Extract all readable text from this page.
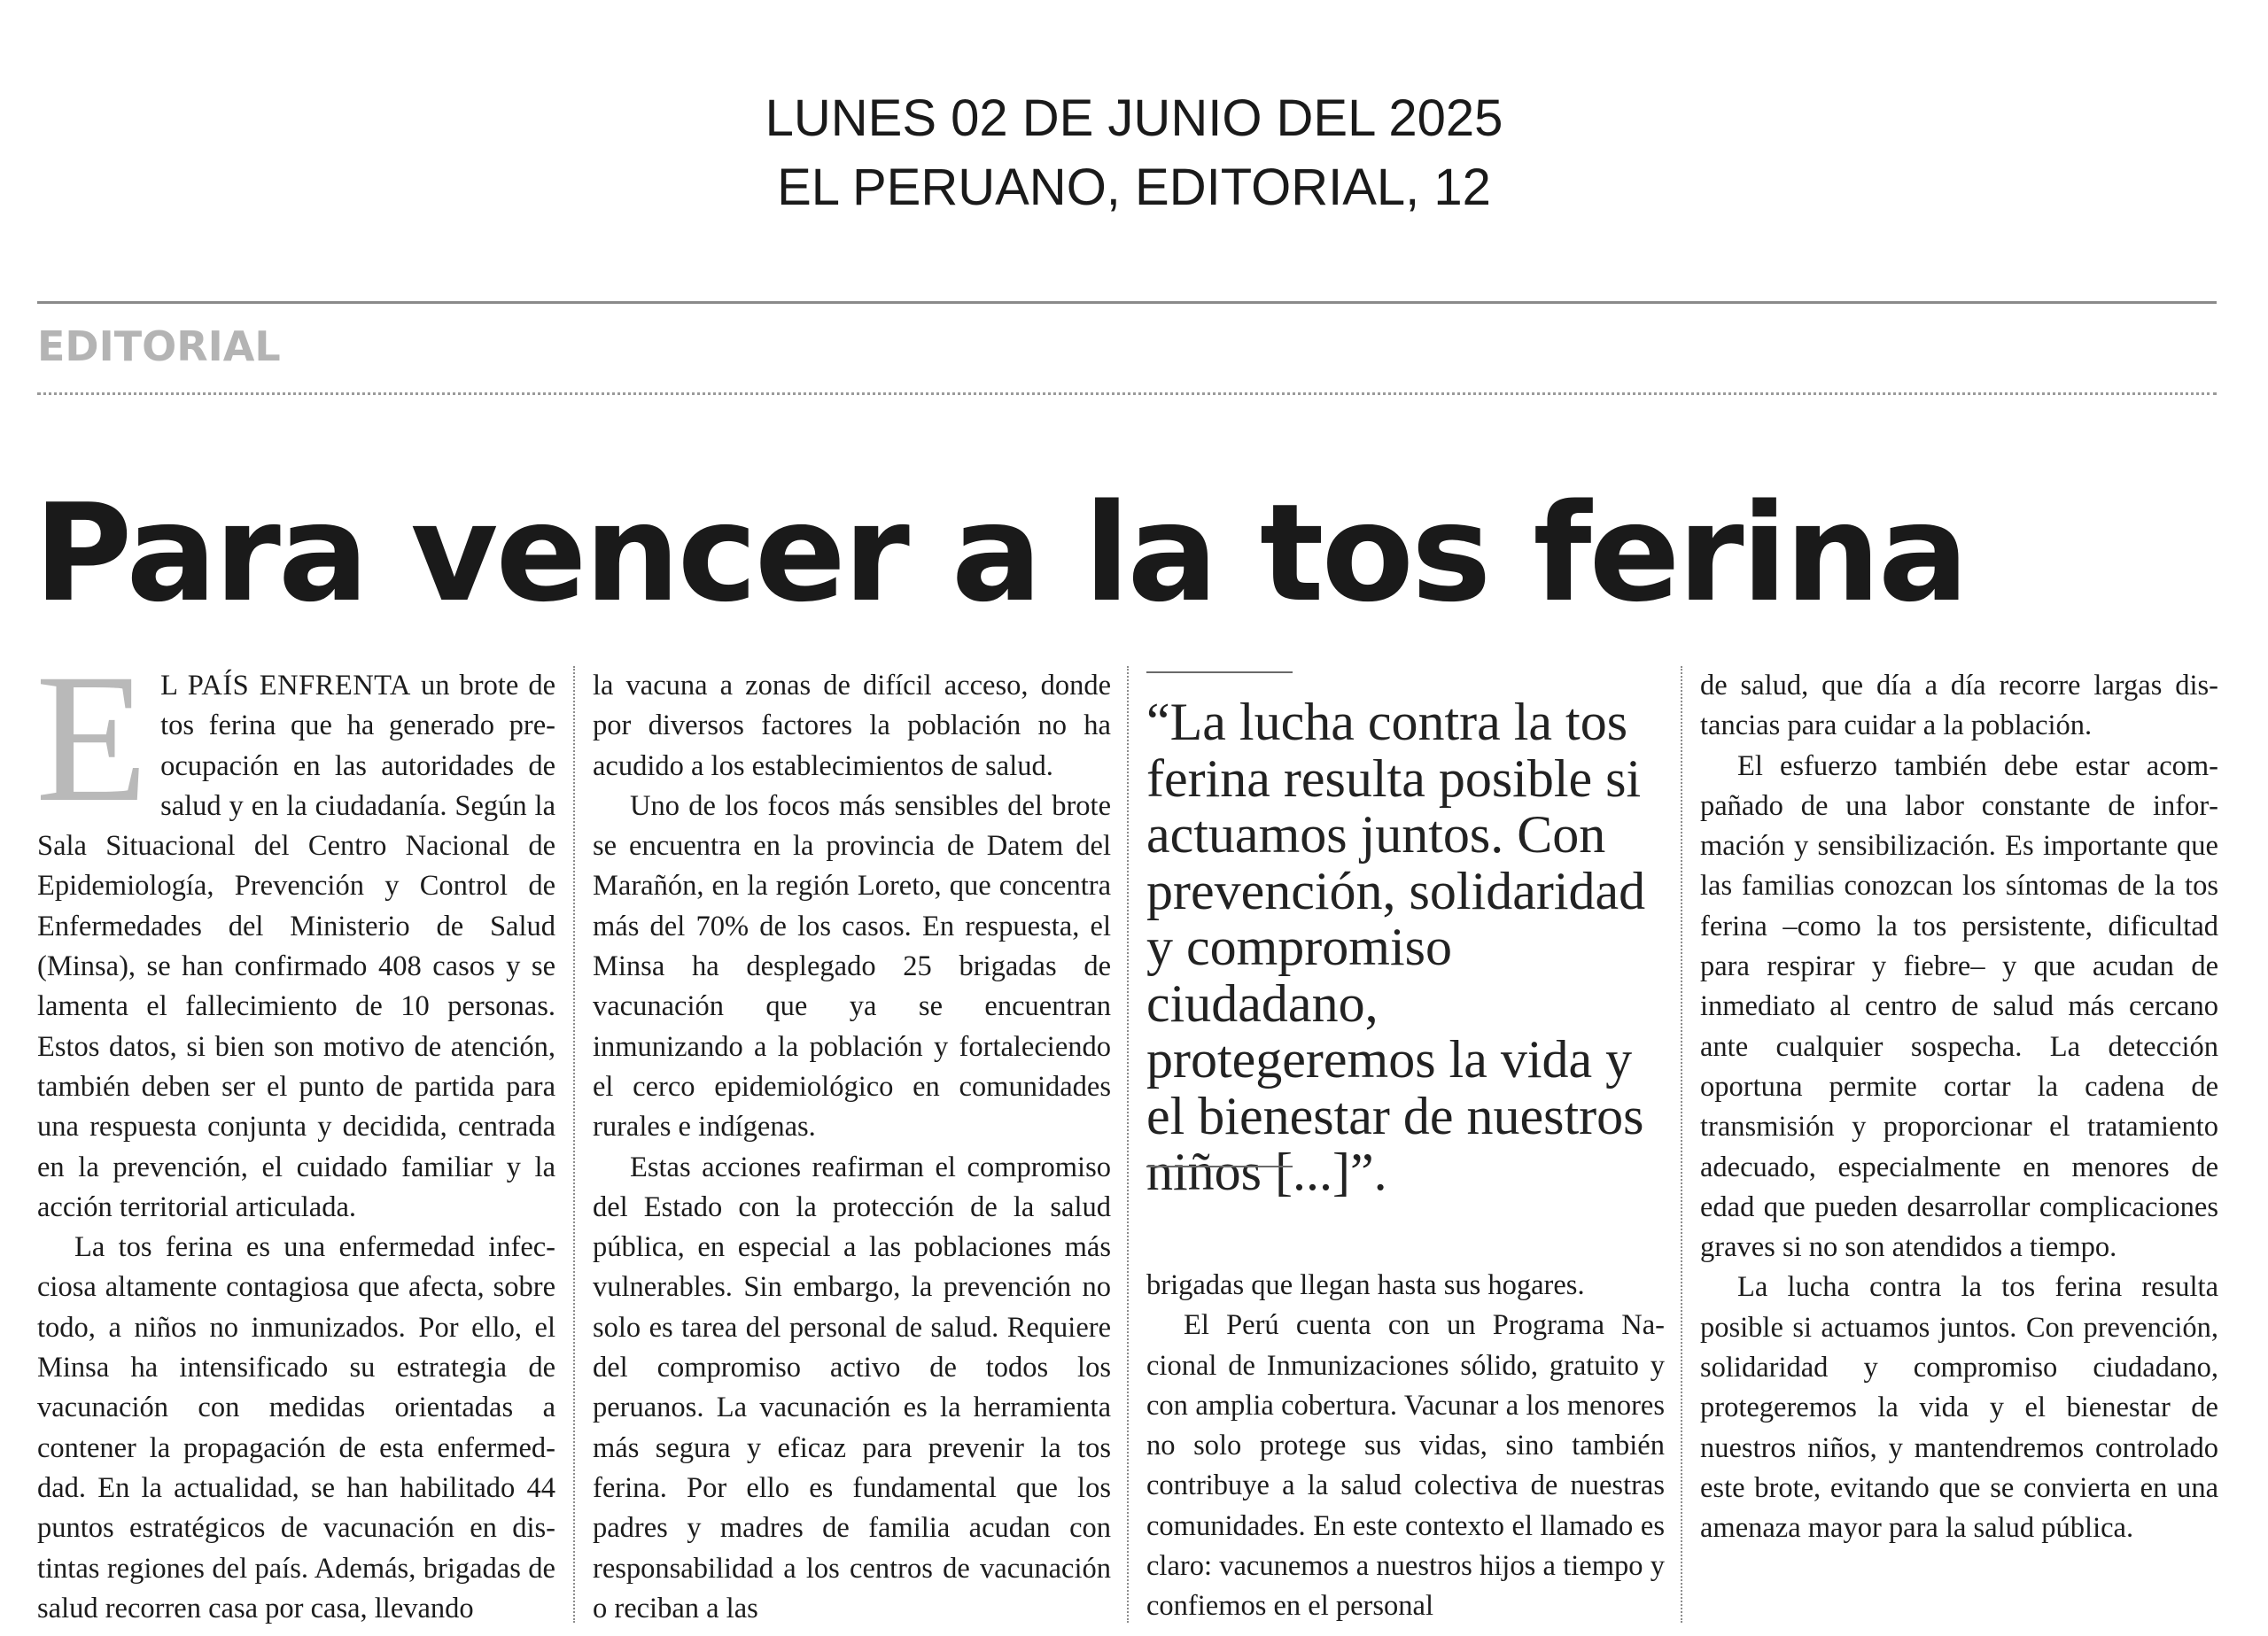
LUNES 02 DE JUNIO DEL 2025
EL PERUANO, EDITORIAL, 12
EDITORIAL
Para vencer a la tos ferina

E L PAÍS ENFRENTA un brote de tos ferina que ha generado preocupación en las autoridades de salud y en la ciudadanía. Según la Sala Situacional del Centro Nacional de Epidemiología, Prevención y Control de Enfermedades del Ministerio de Salud (Minsa), se han confirmado 408 casos y se lamenta el fallecimiento de 10 personas. Estos datos, si bien son motivo de atención, también deben ser el punto de partida para una respuesta conjunta y decidida, centrada en la prevención, el cuidado familiar y la acción territorial articulada.

La tos ferina es una enfermedad infecciosa altamente contagiosa que afecta, sobre todo, a niños no inmunizados. Por ello, el Minsa ha intensificado su estrategia de vacunación con medidas orientadas a contener la propagación de esta enfermeddad. En la actualidad, se han habilitado 44 puntos estratégicos de vacunación en distintas regiones del país. Además, brigadas de salud recorren casa por casa, llevando

la vacuna a zonas de difícil acceso, donde por diversos factores la población no ha acudido a los establecimientos de salud.

Uno de los focos más sensibles del brote se encuentra en la provincia de Datem del Marañón, en la región Loreto, que concentra más del 70% de los casos. En respuesta, el Minsa ha desplegado 25 brigadas de vacunación que ya se encuentran inmunizando a la población y fortaleciendo el cerco epidemiológico en comunidades rurales e indígenas.

Estas acciones reafirman el compromiso del Estado con la protección de la salud pública, en especial a las poblaciones más vulnerables. Sin embargo, la prevención no solo es tarea del personal de salud. Requiere del compromiso activo de todos los peruanos. La vacunación es la herramienta más segura y eficaz para prevenir la tos ferina. Por ello es fundamental que los padres y madres de familia acudan con responsabilidad a los centros de vacunación o reciban a las

“La lucha contra la tos ferina resulta posible si actuamos juntos. Con prevención, solidaridad y compromiso ciudadano, protegeremos la vida y el bienestar de nuestros niños [...]”.

brigadas que llegan hasta sus hogares.

El Perú cuenta con un Programa Nacional de Inmunizaciones sólido, gratuito y con amplia cobertura. Vacunar a los menores no solo protege sus vidas, sino también contribuye a la salud colectiva de nuestras comunidades. En este contexto el llamado es claro: vacunemos a nuestros hijos a tiempo y confiemos en el personal

de salud, que día a día recorre largas distancias para cuidar a la población.

El esfuerzo también debe estar acompañado de una labor constante de información y sensibilización. Es importante que las familias conozcan los síntomas de la tos ferina –como la tos persistente, dificultad para respirar y fiebre– y que acudan de inmediato al centro de salud más cercano ante cualquier sospecha. La detección oportuna permite cortar la cadena de transmisión y proporcionar el tratamiento adecuado, especialmente en menores de edad que pueden desarrollar complicaciones graves si no son atendidos a tiempo.

La lucha contra la tos ferina resulta posible si actuamos juntos. Con prevención, solidaridad y compromiso ciudadano, protegeremos la vida y el bienestar de nuestros niños, y mantendremos controlado este brote, evitando que se convierta en una amenaza mayor para la salud pública.
